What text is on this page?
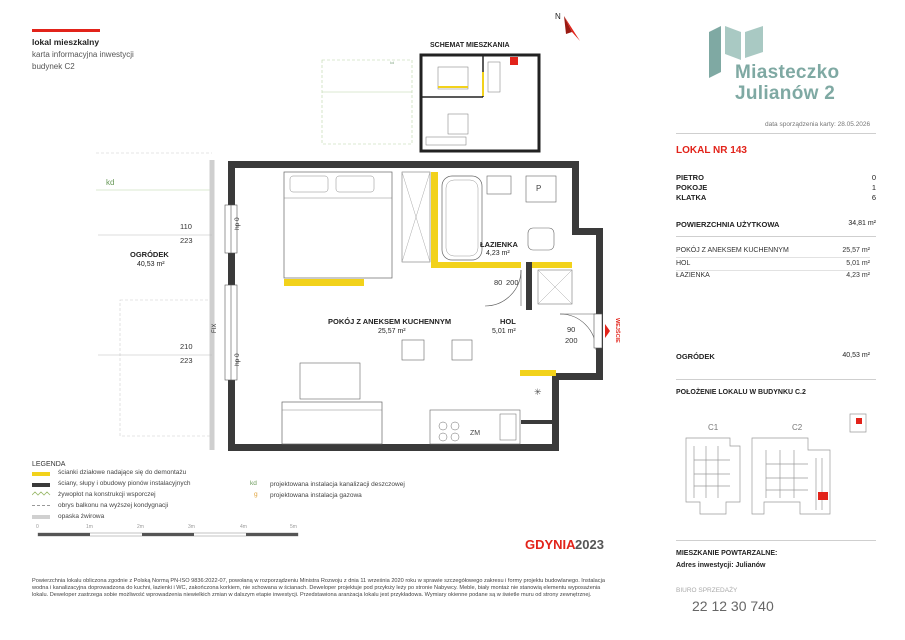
lokal mieszkalny
karta informacyjna inwestycji
budynek C2
SCHEMAT MIESZKANIA
N
kd	Miasteczko
Julianów 2
data sporządzenia karty: 28.05.2026
LOKAL NR 143
PIETRO	0
POKOJE	1
KLATKA	6
POWIERZCHNIA UŻYTKOWA	34,81 m²
POKÓJ Z ANEKSEM KUCHENNYM	25,57 m²
HOL	5,01 m²
ŁAZIENKA	4,23 m²
OGRÓDEK	40,53 m²
POŁOŻENIE LOKALU W BUDYNKU C.2
C1	C2
MIESZKANIE POWTARZALNE:
Adres inwestycji: Julianów
BIURO SPRZEDAŻY
22 12 30 740
✳
kd
OGRÓDEK
40,53 m²
110
223
210
223
hp 0
hp 0
FIX
POKÓJ Z ANEKSEM KUCHENNYM
25,57 m²
ŁAZIENKA
4,23 m²
HOL
5,01 m²
80 200
90
200	WEJŚCIE
P
ZM
LEGENDA
ścianki działowe nadające się do demontażu
ściany, słupy i obudowy pionów instalacyjnych
żywopłot na konstrukcji wsporczej
obrys balkonu na wyższej kondygnacji
opaska żwirowa
kd projektowana instalacja kanalizacji deszczowej
g projektowana instalacja gazowa
0	1m	2m	3m	4m	5m
GDYNIA 2023
Powierzchnia lokalu obliczona zgodnie z Polską Normą PN-ISO 9836:2022-07, powołaną w rozporządzeniu Ministra Rozwoju z dnia 11 września 2020 roku w sprawie szczegółowego zakresu i formy projektu budowlanego. Instalacja wodna i kanalizacyjna doprowadzona do kuchni, łazienki i WC, zakończona korkiem, nie schowana w ścianach. Deweloper projektuje pod przyłoży leży po stronie Nabywcy. Meble, biały montaż nie stanowią elementu wyposażenia lokalu. Deweloper zastrzega sobie możliwość wprowadzenia niewielkich zmian w dalszym etapie inwestycji. Przedstawiona aranżacja lokalu jest przykładowa. Wymiary okienne podane są w świetle muru od strony zewnętrznej.
